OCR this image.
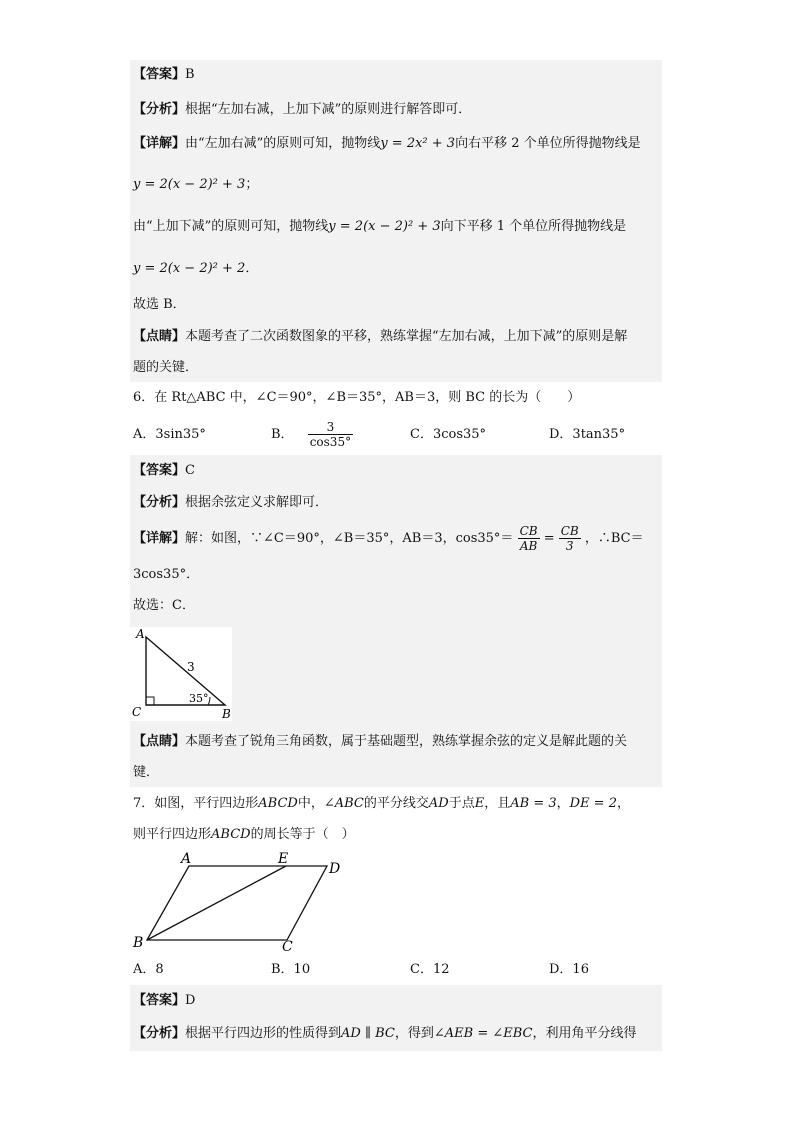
【答案】B
【分析】根据“左加右减，上加下减”的原则进行解答即可．
【详解】由“左加右减”的原则可知，抛物线y = 2x² + 3向右平移 2 个单位所得抛物线是
y = 2(x − 2)² + 3；
由“上加下减”的原则可知，抛物线y = 2(x − 2)² + 3向下平移 1 个单位所得抛物线是
y = 2(x − 2)² + 2．
故选 B．
【点睛】本题考查了二次函数图象的平移，熟练掌握“左加右减，上加下减”的原则是解
题的关键．
6．在 Rt△ABC 中，∠C＝90°，∠B＝35°，AB＝3，则 BC 的长为（　　）
A．3sin35°	B． $\frac{3}{\cos 35^\circ}$	C．3cos35°	D．3tan35°
【答案】C
【分析】根据余弦定义求解即可．
【详解】解：如图，∵∠C＝90°，∠B＝35°，AB＝3，$\cos 35^\circ= \frac{CB}{AB} = \frac{CB}{3}$ ，∴BC＝
3cos35°．
故选：C．
A
C	B
3
35°
【点睛】本题考查了锐角三角函数，属于基础题型，熟练掌握余弦的定义是解此题的关
键．
7．如图，平行四边形ABCD中，∠ABC的平分线交AD于点E，且AB = 3，DE = 2，
则平行四边形ABCD的周长等于（　）
A	E
D
B	C
A．8	B．10	C．12	D．16
【答案】D
【分析】根据平行四边形的性质得到AD ∥ BC，得到∠AEB = ∠EBC，利用角平分线得
